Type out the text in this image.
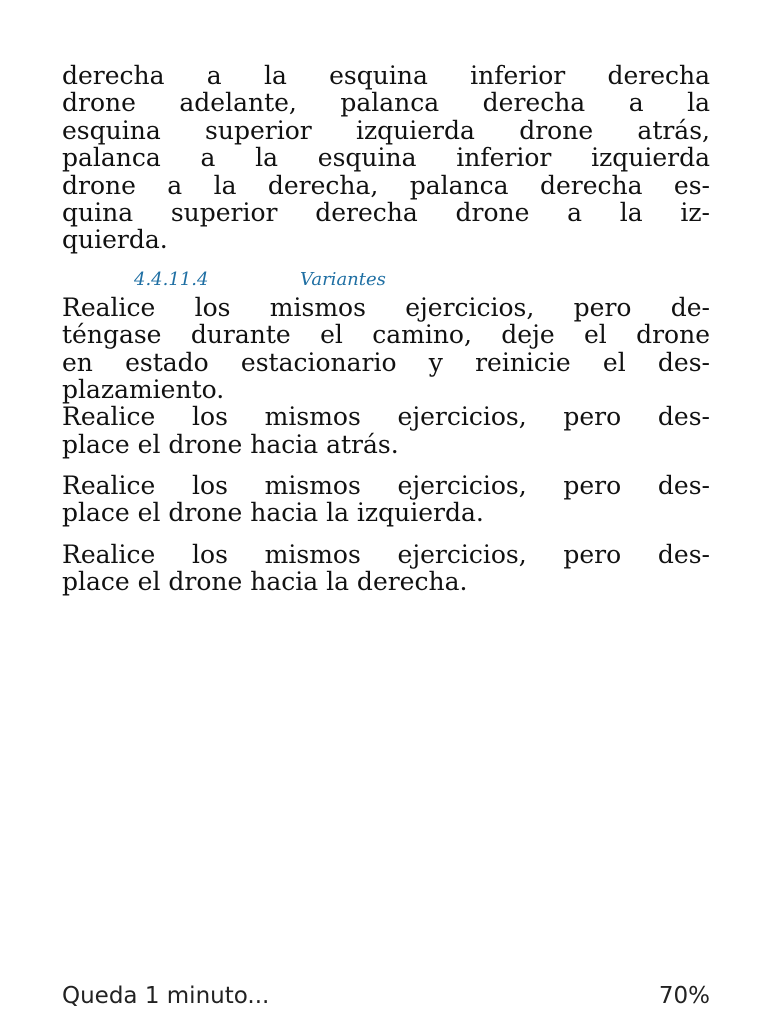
derecha a la esquina inferior derecha
drone adelante, palanca derecha a la
esquina superior izquierda drone atrás,
palanca a la esquina inferior izquierda
drone a la derecha, palanca derecha es-
quina superior derecha drone a la iz-
quierda.
4.4.11.4	Variantes
Realice los mismos ejercicios, pero de-
téngase durante el camino, deje el drone
en estado estacionario y reinicie el des-
plazamiento.
Realice los mismos ejercicios, pero des-
place el drone hacia atrás.
Realice los mismos ejercicios, pero des-
place el drone hacia la izquierda.
Realice los mismos ejercicios, pero des-
place el drone hacia la derecha.
Queda 1 minuto...	70%
